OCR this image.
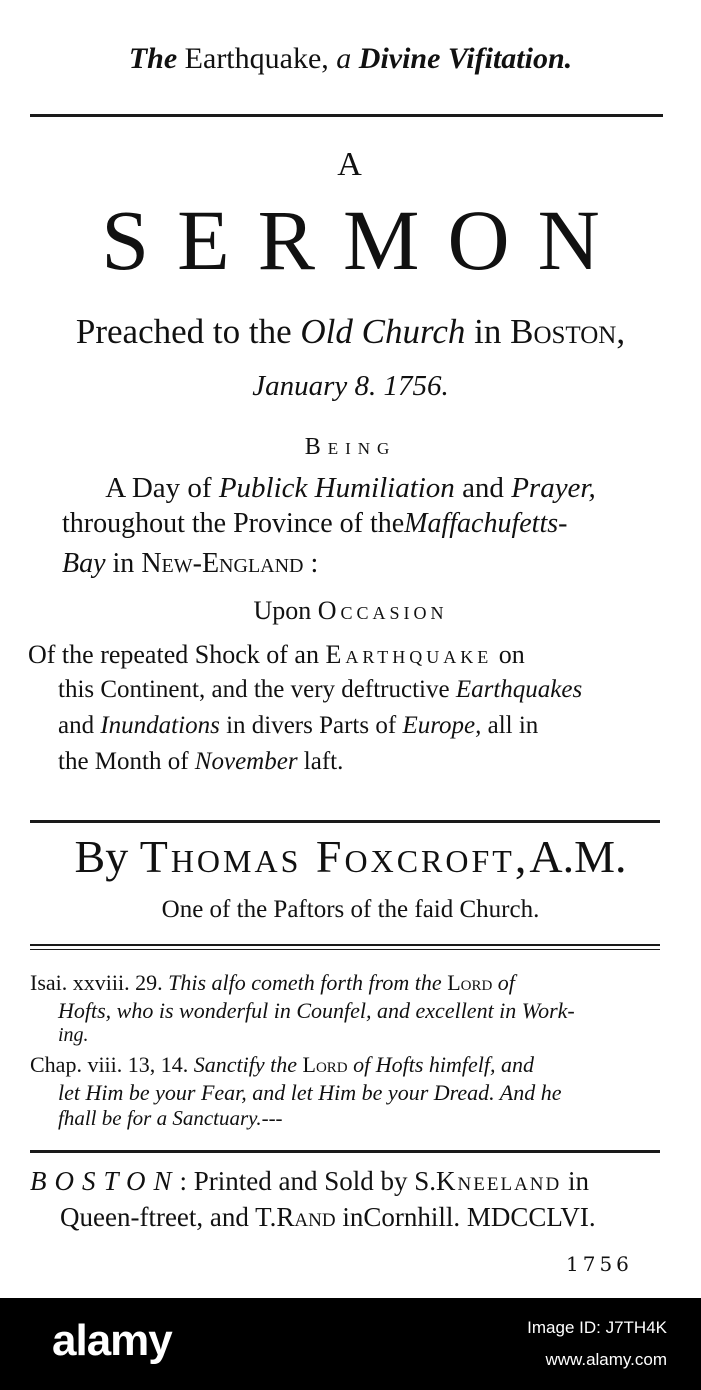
The Earthquake, a Divine Vifitation.
A
SERMON
Preached to the Old Church in Boston,
January 8. 1756.
Being
A Day of Publick Humiliation and Prayer,
throughout the Province of theMaffachufetts-
Bay in New-England :
Upon Occasion
Of the repeated Shock of an Earthquake on
this Continent, and the very deftructive Earthquakes
and Inundations in divers Parts of Europe, all in
the Month of November laft.
By Thomas Foxcroft,A.M.
One of the Paftors of the faid Church.
Isai. xxviii. 29. This alfo cometh forth from the Lord of
Hofts, who is wonderful in Counfel, and excellent in Work-
ing.
Chap. viii. 13, 14. Sanctify the Lord of Hofts himfelf, and
let Him be your Fear, and let Him be your Dread. And he
fhall be for a Sanctuary.---
BOSTON: Printed and Sold by S.Kneeland in
Queen-ftreet, and T.Rand inCornhill. MDCCLVI.
1756
alamy	Image ID: J7TH4K
www.alamy.com
